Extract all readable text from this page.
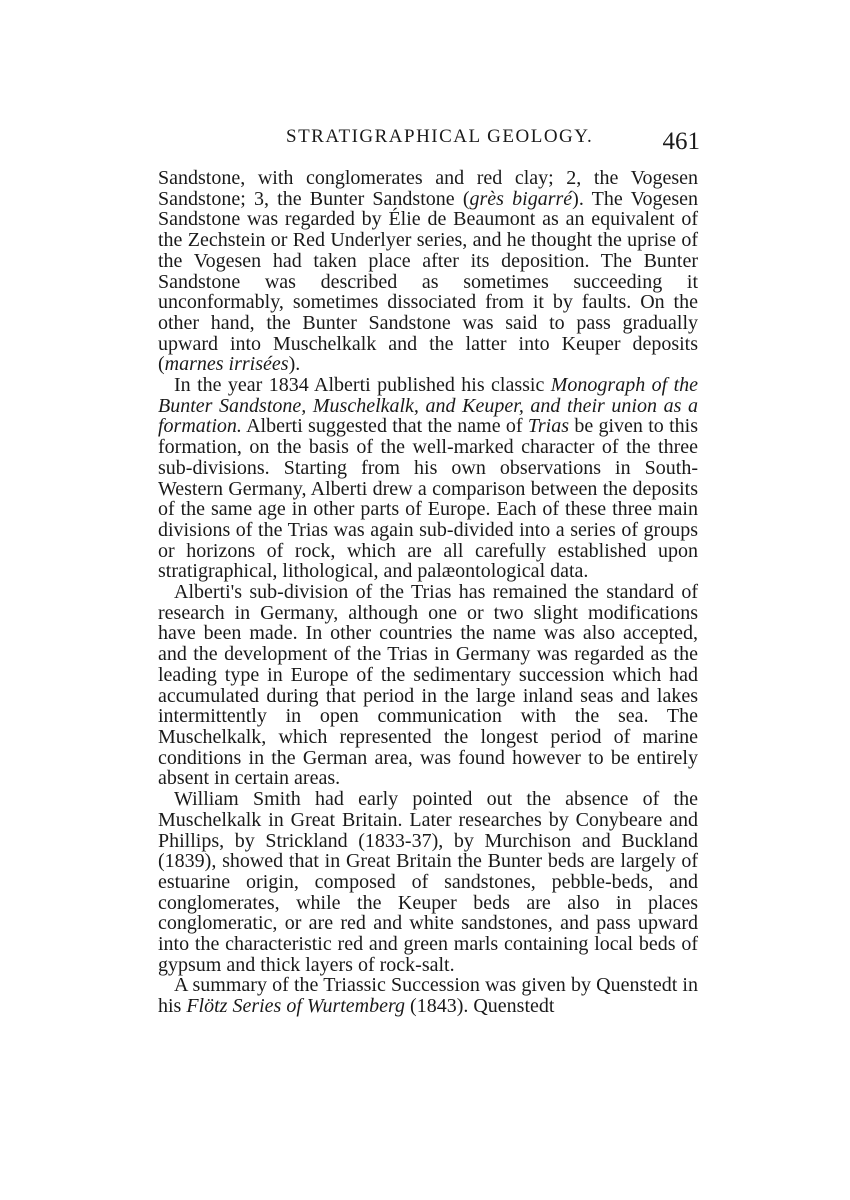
STRATIGRAPHICAL GEOLOGY.	461

Sandstone, with conglomerates and red clay; 2, the Vogesen Sandstone; 3, the Bunter Sandstone (grès bigarré). The Vogesen Sandstone was regarded by Élie de Beaumont as an equivalent of the Zechstein or Red Underlyer series, and he thought the uprise of the Vogesen had taken place after its deposition. The Bunter Sandstone was described as sometimes succeeding it unconformably, sometimes dissociated from it by faults. On the other hand, the Bunter Sandstone was said to pass gradually upward into Muschelkalk and the latter into Keuper deposits (marnes irrisées).

In the year 1834 Alberti published his classic Monograph of the Bunter Sandstone, Muschelkalk, and Keuper, and their union as a formation. Alberti suggested that the name of Trias be given to this formation, on the basis of the well-marked character of the three sub-divisions. Starting from his own observations in South-Western Germany, Alberti drew a comparison between the deposits of the same age in other parts of Europe. Each of these three main divisions of the Trias was again sub-divided into a series of groups or horizons of rock, which are all carefully established upon stratigraphical, lithological, and palæontological data.

Alberti's sub-division of the Trias has remained the standard of research in Germany, although one or two slight modifications have been made. In other countries the name was also accepted, and the development of the Trias in Germany was regarded as the leading type in Europe of the sedimentary succession which had accumulated during that period in the large inland seas and lakes intermittently in open communication with the sea. The Muschelkalk, which represented the longest period of marine conditions in the German area, was found however to be entirely absent in certain areas.

William Smith had early pointed out the absence of the Muschelkalk in Great Britain. Later researches by Conybeare and Phillips, by Strickland (1833-37), by Murchison and Buckland (1839), showed that in Great Britain the Bunter beds are largely of estuarine origin, composed of sandstones, pebble-beds, and conglomerates, while the Keuper beds are also in places conglomeratic, or are red and white sandstones, and pass upward into the characteristic red and green marls containing local beds of gypsum and thick layers of rock-salt.

A summary of the Triassic Succession was given by Quenstedt in his Flötz Series of Wurtemberg (1843). Quenstedt
